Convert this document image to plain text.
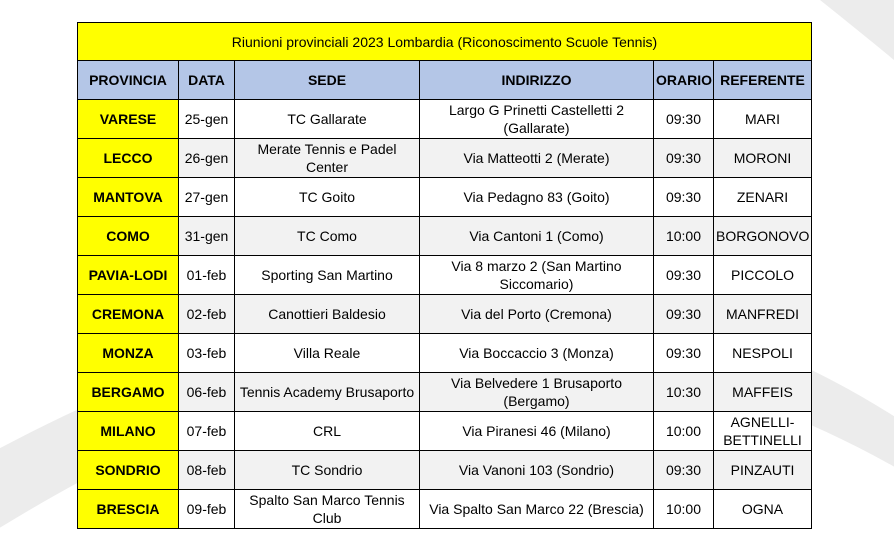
Riunioni provinciali 2023 Lombardia (Riconoscimento Scuole Tennis)					
PROVINCIA	DATA	SEDE	INDIRIZZO	ORARIO	REFERENTE
VARESE	25-gen	TC Gallarate	Largo G Prinetti Castelletti 2 (Gallarate)	09:30	MARI
LECCO	26-gen	Merate Tennis e Padel Center	Via Matteotti 2 (Merate)	09:30	MORONI
MANTOVA	27-gen	TC Goito	Via Pedagno 83 (Goito)	09:30	ZENARI
COMO	31-gen	TC Como	Via Cantoni 1 (Como)	10:00	BORGONOVO
PAVIA-LODI	01-feb	Sporting San Martino	Via 8 marzo 2 (San Martino Siccomario)	09:30	PICCOLO
CREMONA	02-feb	Canottieri Baldesio	Via del Porto (Cremona)	09:30	MANFREDI
MONZA	03-feb	Villa Reale	Via Boccaccio 3 (Monza)	09:30	NESPOLI
BERGAMO	06-feb	Tennis Academy Brusaporto	Via Belvedere 1 Brusaporto (Bergamo)	10:30	MAFFEIS
MILANO	07-feb	CRL	Via Piranesi 46 (Milano)	10:00	AGNELLI-BETTINELLI
SONDRIO	08-feb	TC Sondrio	Via Vanoni 103 (Sondrio)	09:30	PINZAUTI
BRESCIA	09-feb	Spalto San Marco Tennis Club	Via Spalto San Marco 22 (Brescia)	10:00	OGNA
